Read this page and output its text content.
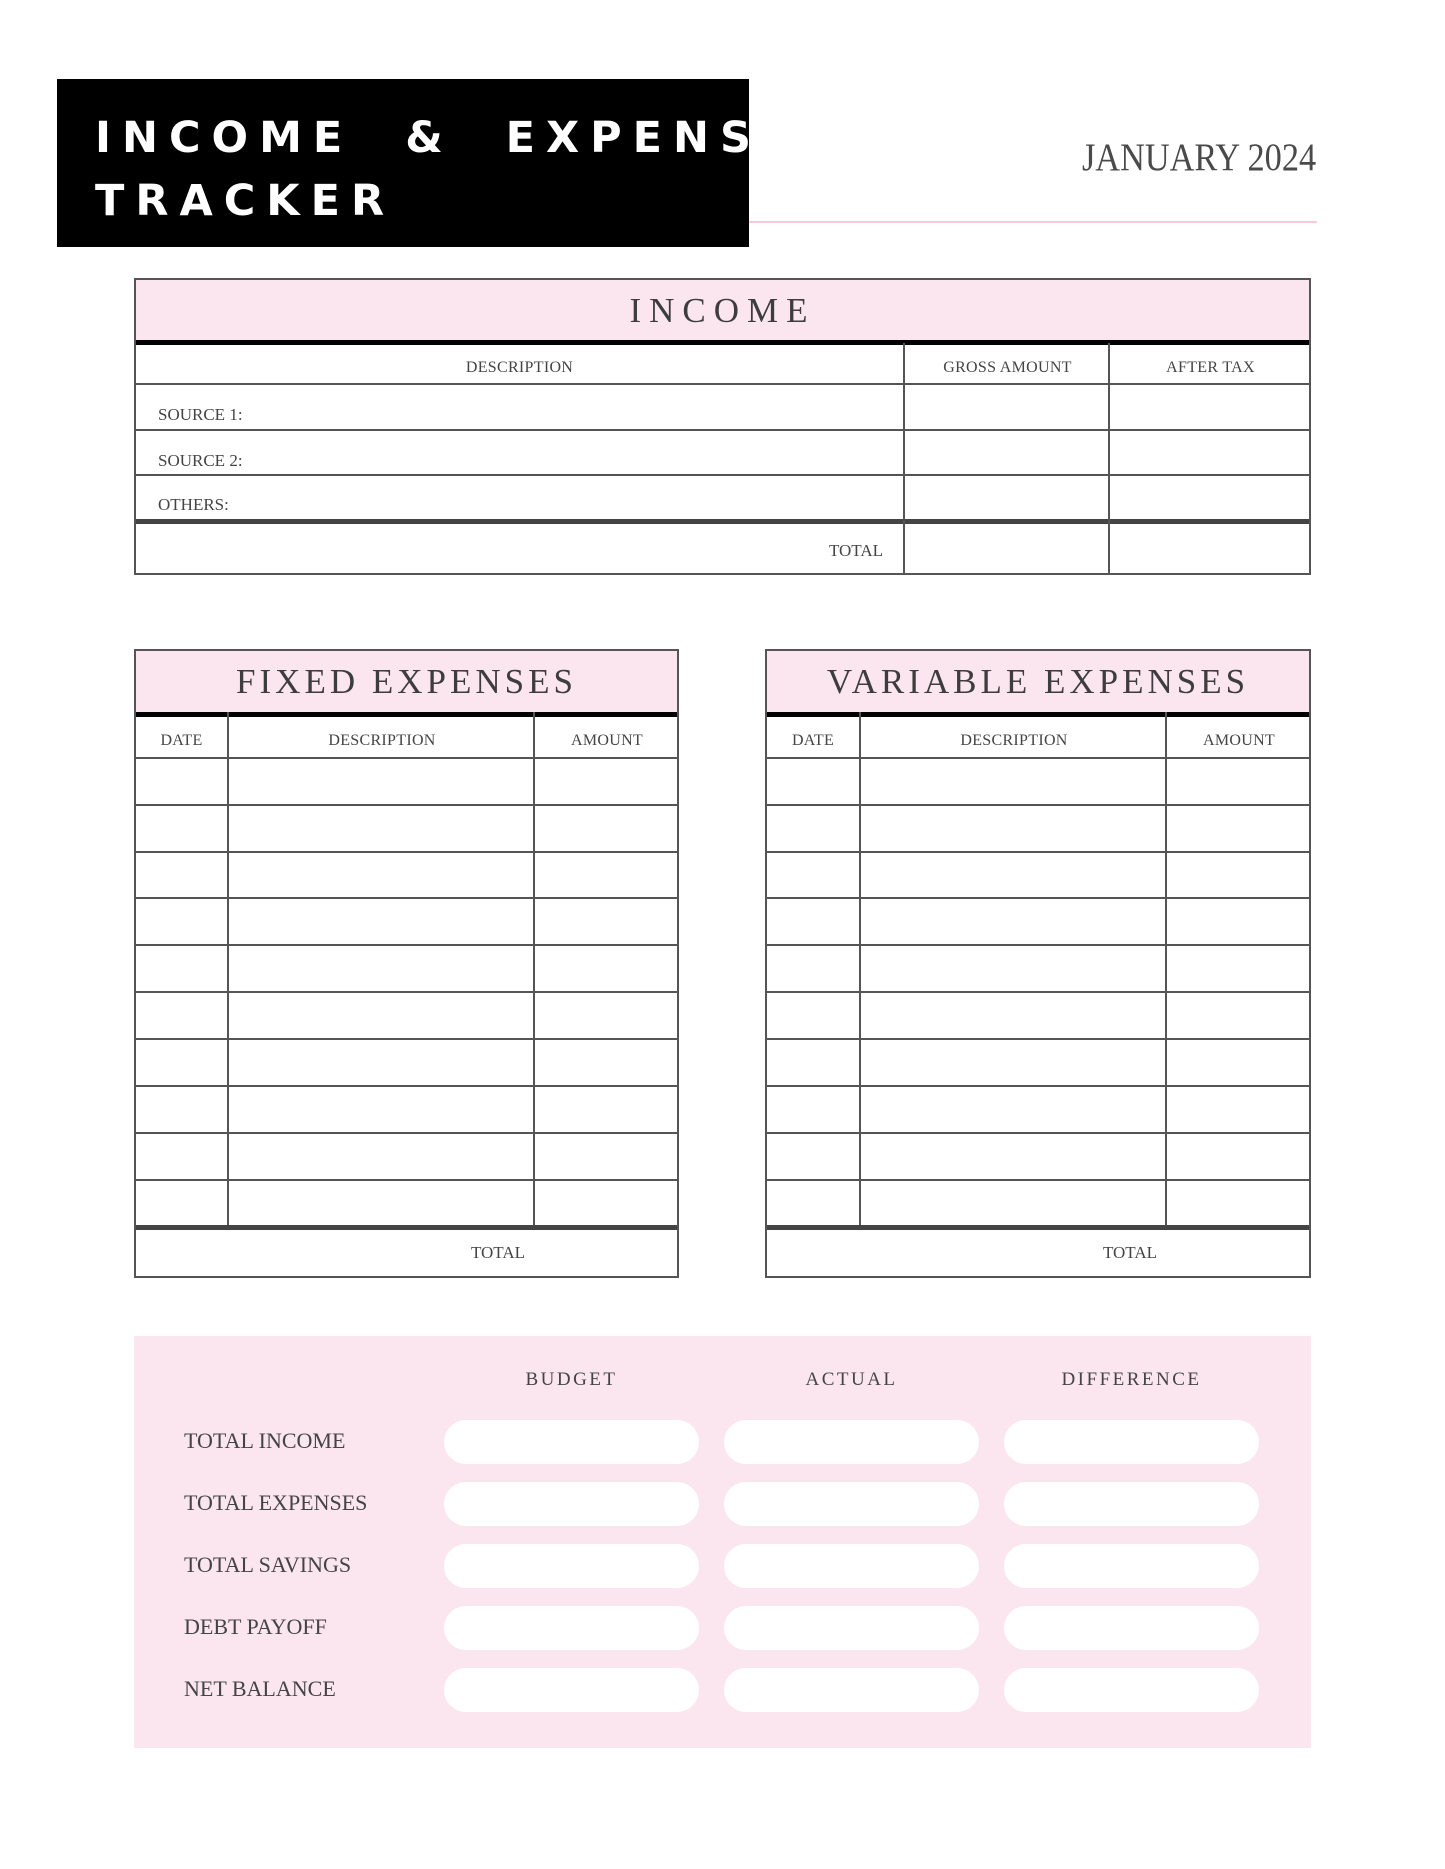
INCOME  &  EXPENSE
TRACKER
JANUARY 2024
INCOME
DESCRIPTION	GROSS AMOUNT	AFTER TAX
SOURCE 1:
SOURCE 2:
OTHERS:
TOTAL
FIXED EXPENSES
DATE	DESCRIPTION	AMOUNT
TOTAL
VARIABLE EXPENSES
DATE	DESCRIPTION	AMOUNT
TOTAL
BUDGET	ACTUAL	DIFFERENCE
TOTAL INCOME
TOTAL EXPENSES
TOTAL SAVINGS
DEBT PAYOFF
NET BALANCE
